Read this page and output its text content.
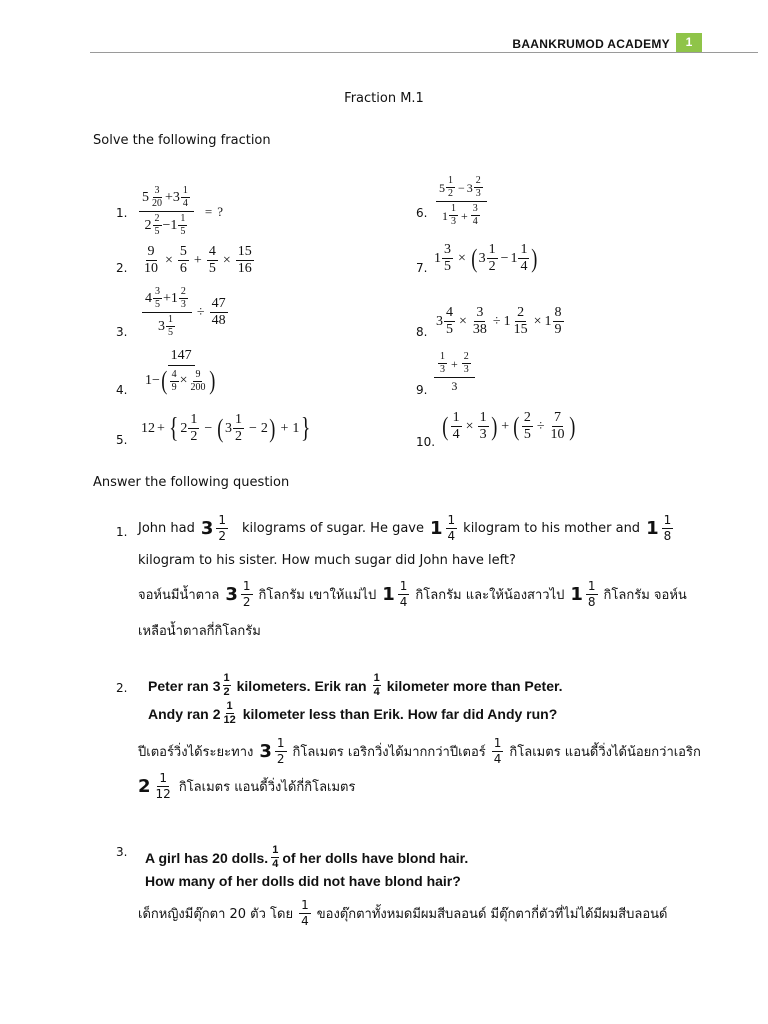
BAANKRUMOD ACADEMY	1
Fraction M.1
Solve the following fraction
1. 5 3
20 + 3 1
4
2 2
5 − 1 1
5 = ?
2. $\frac{9}{10} \times \frac{5}{6} + \frac{4}{5} \times \frac{15}{16}$
3. 4 3
5 + 1 2
3
3 1
$5 \div \frac{47}{48}$
4.
147
1 − ( $\frac{4}{9} \times \frac{9}{200}$ )
5.
12 + { 2
1
2
− ( 3
1
2
− 2 ) + 1 }
6.
5 1
2 − 3 2
3
1 1
$3 + \frac{3}{4}$
7.
$1 \frac{3}{5}$ × ( 3
1
2
− 1
1
4 )
8.
$3 \frac{4}{5} \times \frac{3}{38} \div 1 \frac{2}{15} \times 1$
8
9
9.
1
$3 + \frac{2}{3}$
3
10.
( $\frac{1}{4} \times \frac{1}{3}$ ) + ( $\frac{2}{5} \div \frac{7}{10}$ )
Answer the following question
1. John had 3 1
2 kilograms of sugar. He gave 1 1
4 kilogram to his mother and 1 1
8
kilogram to his sister. How much sugar did John have left?
จอห์นมีน้ำตาล 3 1
2 กิโลกรัม เขาให้แม่ไป 1 1
4 กิโลกรัม และให้น้องสาวไป 1 1
8 กิโลกรัม จอห์น
เหลือน้ำตาลกี่กิโลกรัม
2. Peter ran 3 1
2 kilometers. Erik ran 1
4 kilometer more than Peter.
Andy ran 2 1
12 kilometer less than Erik. How far did Andy run?
ปีเตอร์วิ่งได้ระยะทาง 3 1
2 กิโลเมตร เอริกวิ่งได้มากกว่าปีเตอร์
1
4 กิโลเมตร แอนดี้วิ่งได้น้อยกว่าเอริก
2 1
12 กิโลเมตร แอนดี้วิ่งได้กี่กิโลเมตร
3. A girl has 20 dolls. 1
4 of her dolls have blond hair.
How many of her dolls did not have blond hair?
เด็กหญิงมีตุ๊กตา 20 ตัว โดย
1
4 ของตุ๊กตาทั้งหมดมีผมสีบลอนด์ มีตุ๊กตากี่ตัวที่ไม่ได้มีผมสีบลอนด์
